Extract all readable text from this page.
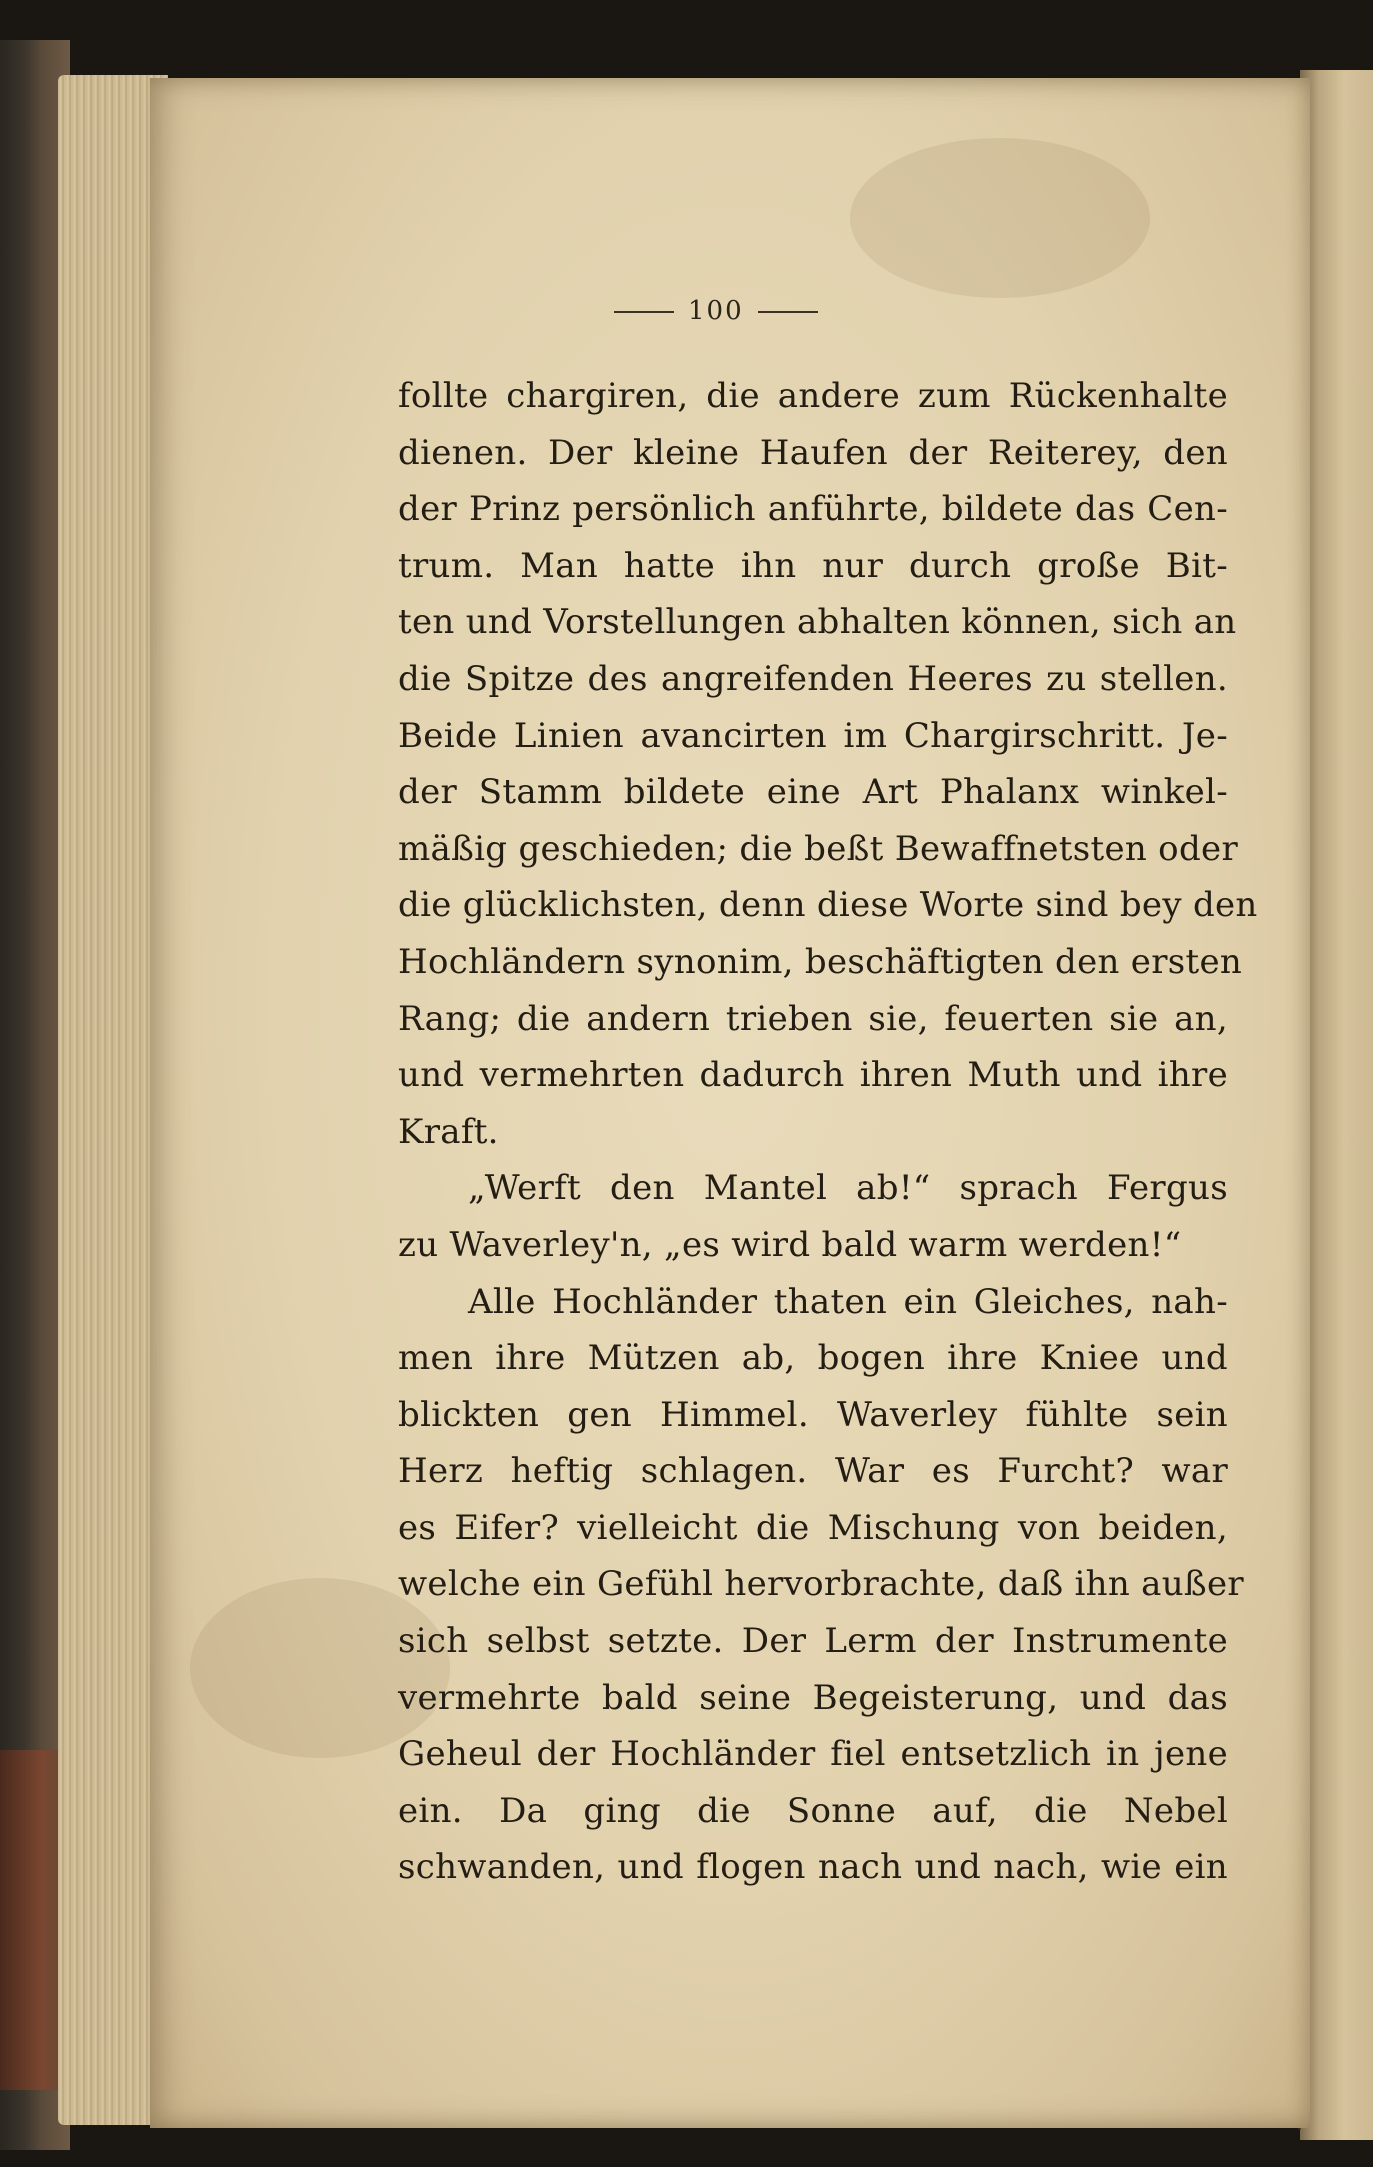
100
follte chargiren, die andere zum Rückenhalte
dienen. Der kleine Haufen der Reiterey, den
der Prinz persönlich anführte, bildete das Cen-
trum. Man hatte ihn nur durch große Bit-
ten und Vorstellungen abhalten können, sich an
die Spitze des angreifenden Heeres zu stellen.
Beide Linien avancirten im Chargirschritt. Je-
der Stamm bildete eine Art Phalanx winkel-
mäßig geschieden; die beßt Bewaffnetsten oder
die glücklichsten, denn diese Worte sind bey den
Hochländern synonim, beschäftigten den ersten
Rang; die andern trieben sie, feuerten sie an,
und vermehrten dadurch ihren Muth und ihre
Kraft.
„Werft den Mantel ab!“ sprach Fergus
zu Waverley'n, „es wird bald warm werden!“
Alle Hochländer thaten ein Gleiches, nah-
men ihre Mützen ab, bogen ihre Kniee und
blickten gen Himmel. Waverley fühlte sein
Herz heftig schlagen. War es Furcht? war
es Eifer? vielleicht die Mischung von beiden,
welche ein Gefühl hervorbrachte, daß ihn außer
sich selbst setzte. Der Lerm der Instrumente
vermehrte bald seine Begeisterung, und das
Geheul der Hochländer fiel entsetzlich in jene
ein. Da ging die Sonne auf, die Nebel
schwanden, und flogen nach und nach, wie ein
